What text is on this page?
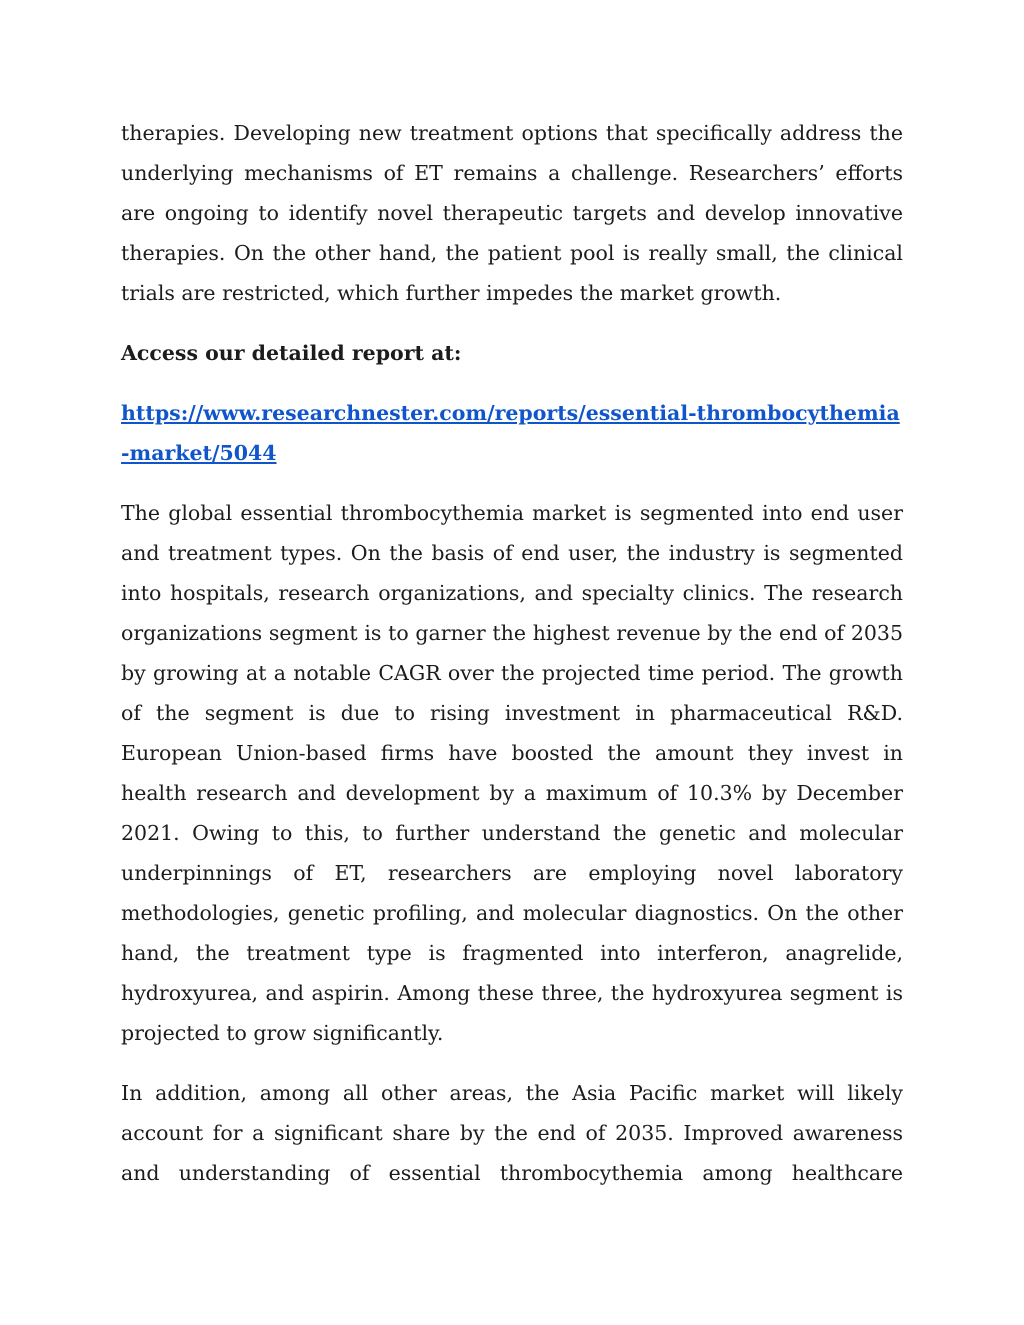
therapies. Developing new treatment options that specifically address the underlying mechanisms of ET remains a challenge. Researchers’ efforts are ongoing to identify novel therapeutic targets and develop innovative therapies. On the other hand, the patient pool is really small, the clinical trials are restricted, which further impedes the market growth.

Access our detailed report at:

https://www.researchnester.com/reports/essential-thrombocythemia-market/5044

The global essential thrombocythemia market is segmented into end user and treatment types. On the basis of end user, the industry is segmented into hospitals, research organizations, and specialty clinics. The research organizations segment is to garner the highest revenue by the end of 2035 by growing at a notable CAGR over the projected time period. The growth of the segment is due to rising investment in pharmaceutical R&D. European Union-based firms have boosted the amount they invest in health research and development by a maximum of 10.3% by December 2021. Owing to this, to further understand the genetic and molecular underpinnings of ET, researchers are employing novel laboratory methodologies, genetic profiling, and molecular diagnostics. On the other hand, the treatment type is fragmented into interferon, anagrelide, hydroxyurea, and aspirin. Among these three, the hydroxyurea segment is projected to grow significantly.

In addition, among all other areas, the Asia Pacific market will likely account for a significant share by the end of 2035. Improved awareness and understanding of essential thrombocythemia among healthcare
